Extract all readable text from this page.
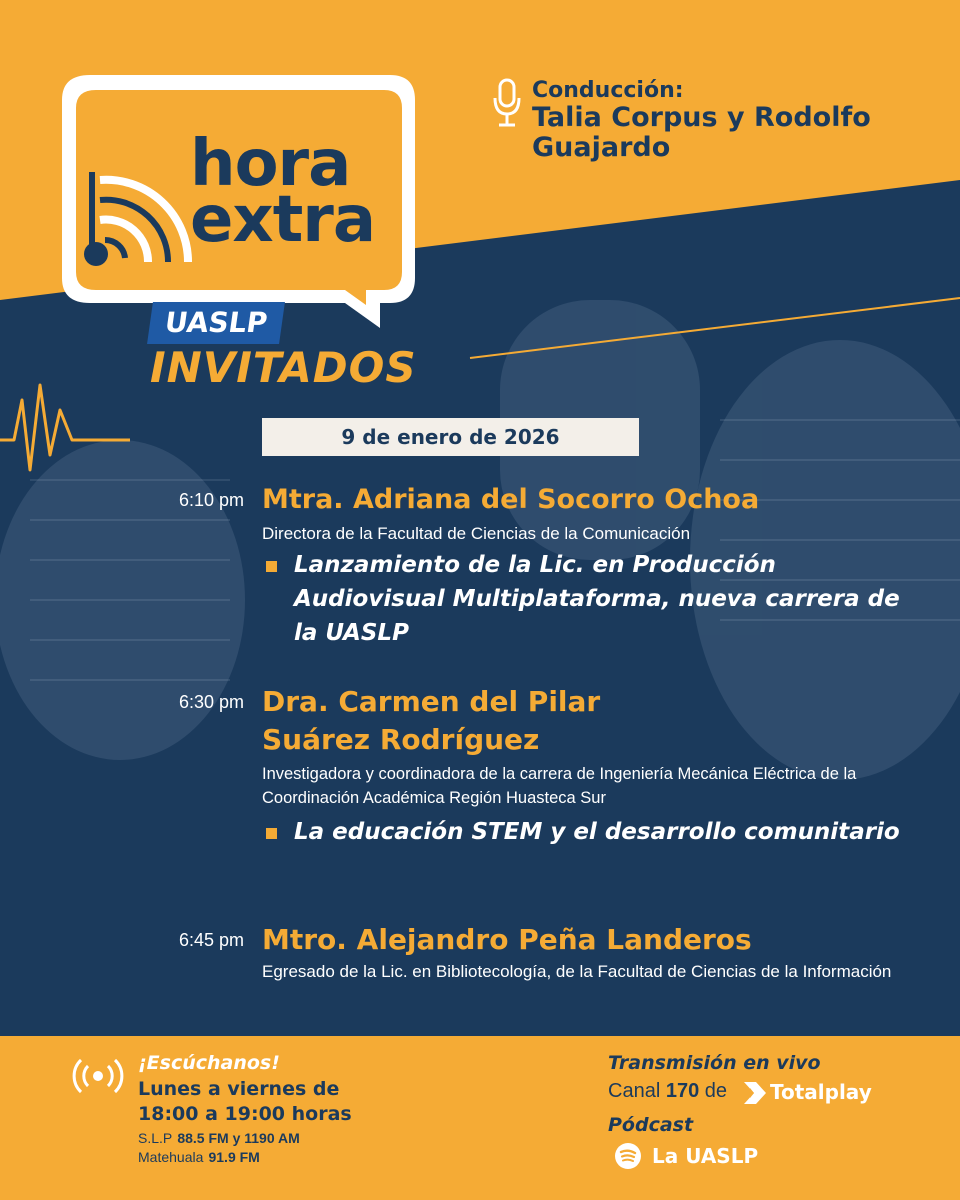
hora
extra
UASLP
Conducción:
Talia Corpus y Rodolfo Guajardo
INVITADOS
9 de enero de 2026
6:10 pm Mtra. Adriana del Socorro Ochoa
Directora de la Facultad de Ciencias de la Comunicación
Lanzamiento de la Lic. en Producción Audiovisual Multiplataforma, nueva carrera de la UASLP
6:30 pm Dra. Carmen del Pilar
Suárez Rodríguez
Investigadora y coordinadora de la carrera de Ingeniería Mecánica Eléctrica de la Coordinación Académica Región Huasteca Sur
La educación STEM y el desarrollo comunitario
6:45 pm Mtro. Alejandro Peña Landeros
Egresado de la Lic. en Bibliotecología, de la Facultad de Ciencias de la Información
¡Escúchanos!
Lunes a viernes de
18:00 a 19:00 horas
S.L.P 88.5 FM y 1190 AM
Matehuala 91.9 FM
Transmisión en vivo
Canal 170 de Totalplay
Pódcast
La UASLP
